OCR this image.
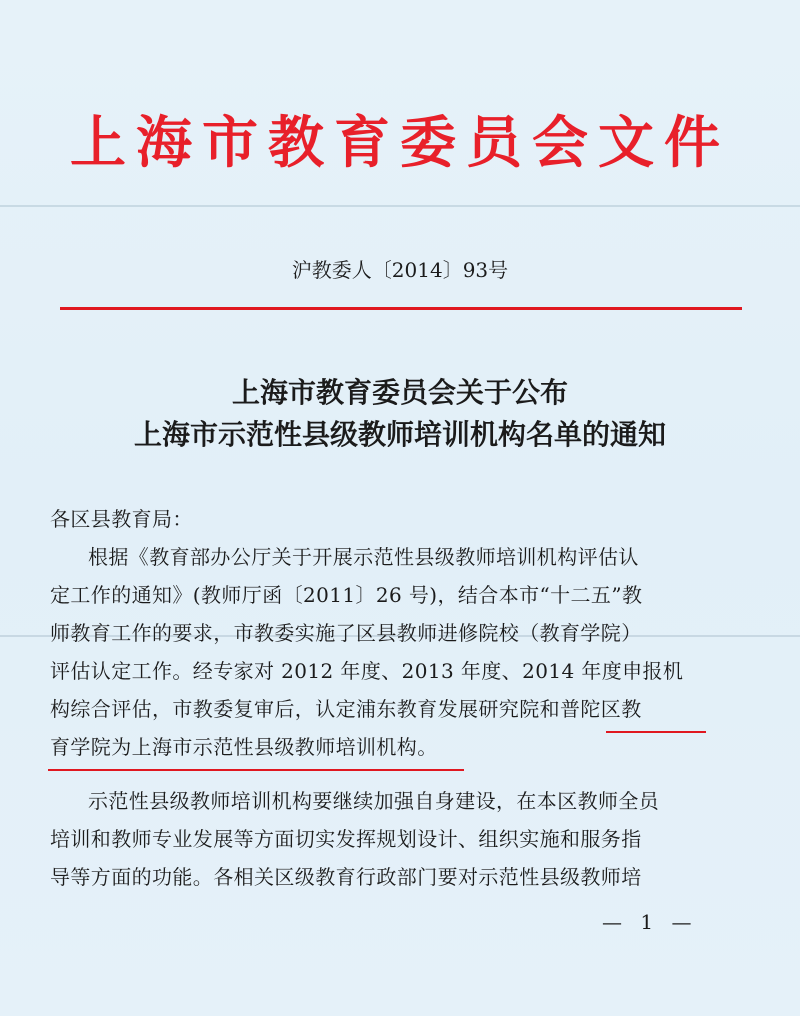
上海市教育委员会文件
沪教委人〔2014〕93号
上海市教育委员会关于公布
上海市示范性县级教师培训机构名单的通知
各区县教育局：
根据《教育部办公厅关于开展示范性县级教师培训机构评估认
定工作的通知》(教师厅函〔2011〕26 号)，结合本市“十二五”教
师教育工作的要求，市教委实施了区县教师进修院校（教育学院）
评估认定工作。经专家对 2012 年度、2013 年度、2014 年度申报机
构综合评估，市教委复审后，认定浦东教育发展研究院和普陀区教
育学院为上海市示范性县级教师培训机构。
示范性县级教师培训机构要继续加强自身建设，在本区教师全员
培训和教师专业发展等方面切实发挥规划设计、组织实施和服务指
导等方面的功能。各相关区级教育行政部门要对示范性县级教师培
— 1 —
